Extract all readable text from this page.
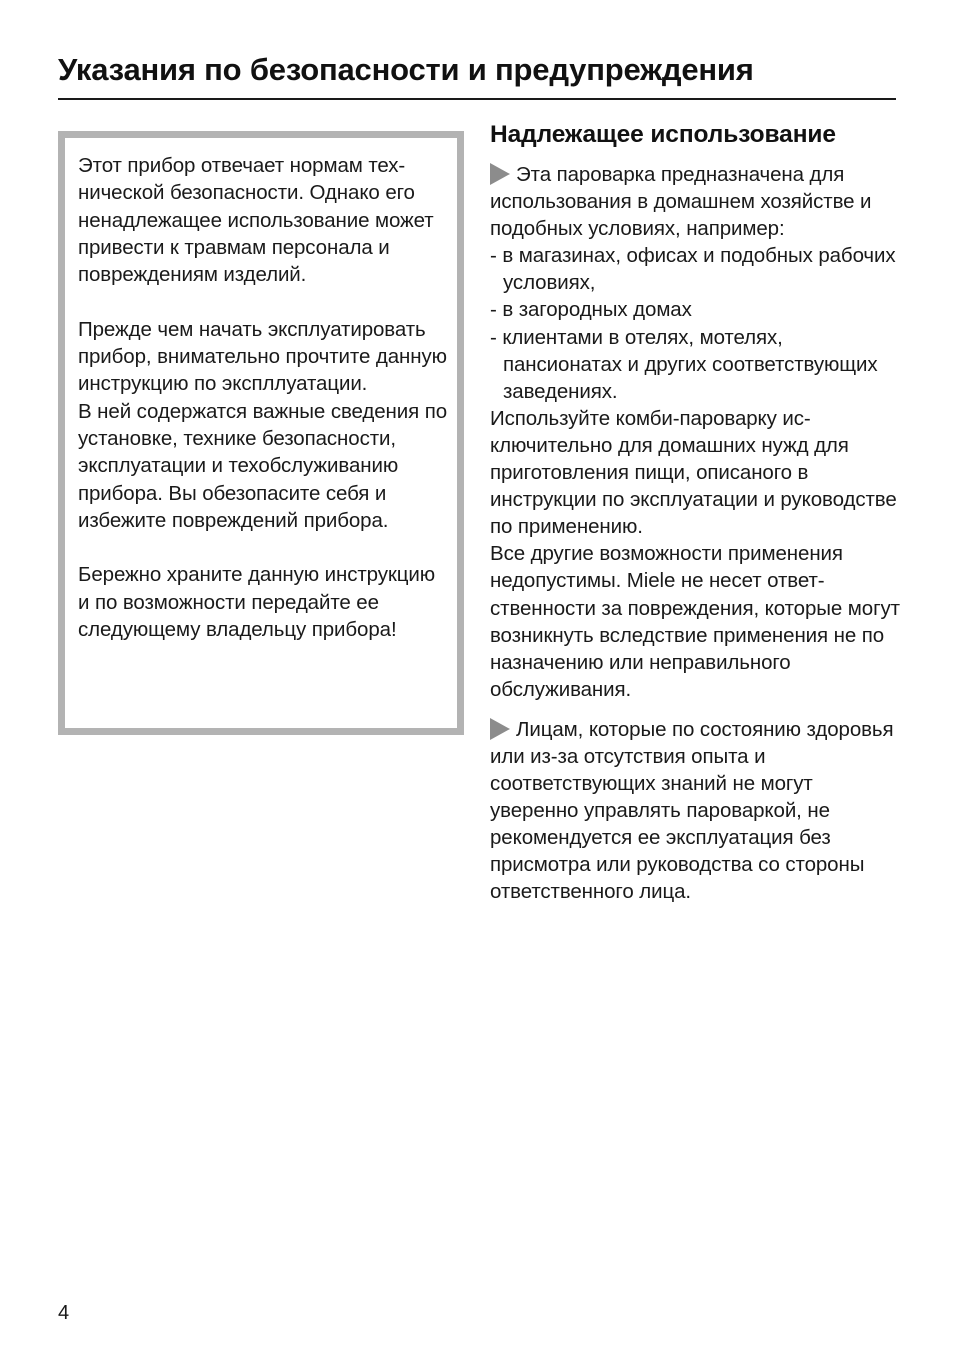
Указания по безопасности и предупреждения

Этот прибор отвечает нормам технической безопасности. Однако его ненадлежащее использование может привести к травмам персонала и повреждениям изделий.

Прежде чем начать эксплуатировать прибор, внимательно прочтите данную инструкцию по экспллуатации.

В ней содержатся важные сведения по установке, технике безопасности, эксплуатации и техобслуживанию прибора. Вы обезопасите себя и избежите повреждений прибора.

Бережно храните данную инструкцию и по возможности передайте ее следующему владельцу прибора!

Надлежащее использование

Эта пароварка предназначена для использования в домашнем хозяйстве и подобных условиях, например:

- в магазинах, офисах и подобных рабочих условиях,

- в загородных домах

- клиентами в отелях, мотелях, пансионатах и других соответствующих заведениях.

Используйте комби-пароварку исключительно для домашних нужд для приготовления пищи, описаного в инструкции по эксплуатации и руководстве по применению.

Все другие возможности применения недопустимы. Miele не несет ответственности за повреждения, которые могут возникнуть вследствие применения не по назначению или неправильного обслуживания.

Лицам, которые по состоянию здоровья или из-за отсутствия опыта и соответствующих знаний не могут уверенно управлять пароваркой, не рекомендуется ее эксплуатация без присмотра или руководства со стороны ответственного лица.

4
